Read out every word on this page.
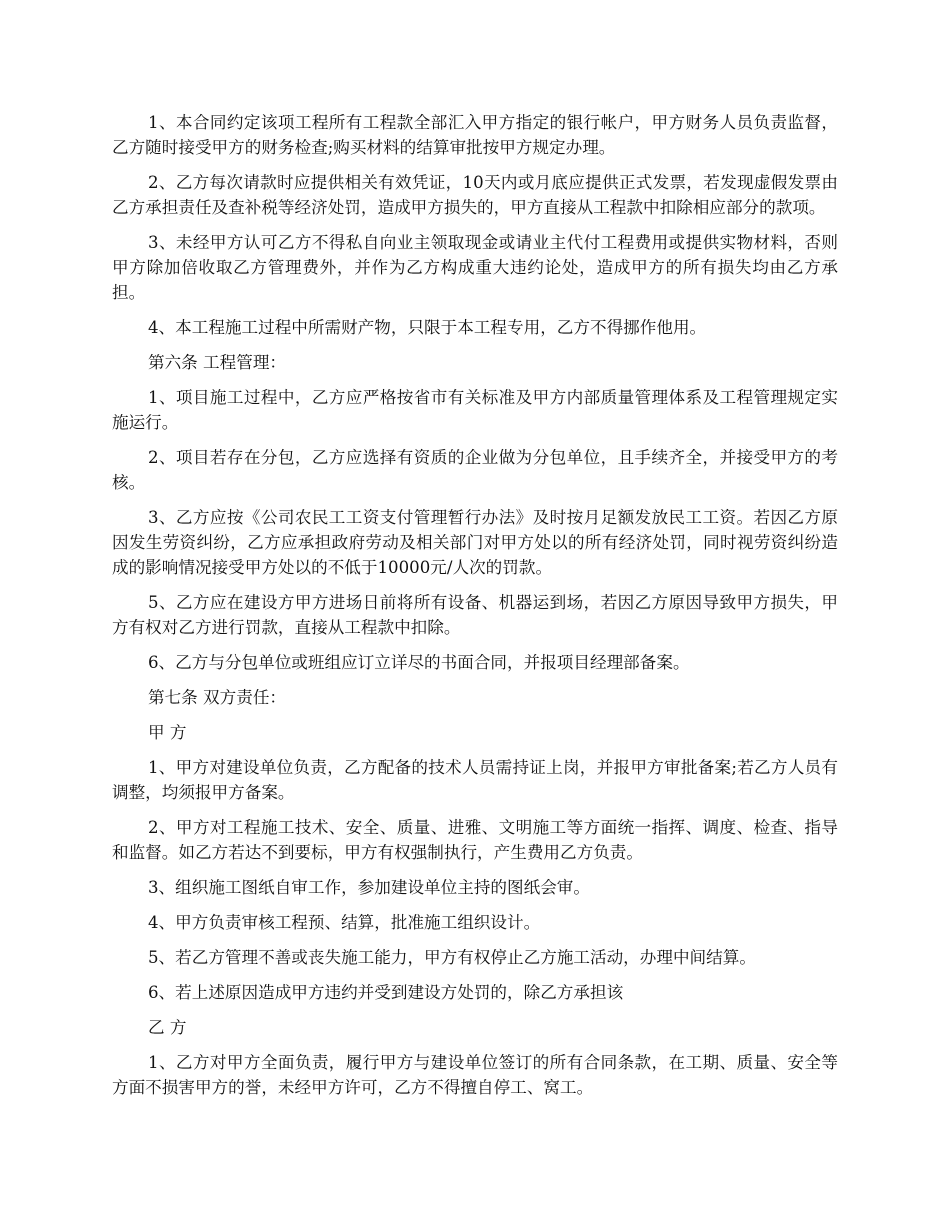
1、本合同约定该项工程所有工程款全部汇入甲方指定的银行帐户，甲方财务人员负责监督，乙方随时接受甲方的财务检查;购买材料的结算审批按甲方规定办理。

2、乙方每次请款时应提供相关有效凭证，10天内或月底应提供正式发票，若发现虚假发票由乙方承担责任及查补税等经济处罚，造成甲方损失的，甲方直接从工程款中扣除相应部分的款项。

3、未经甲方认可乙方不得私自向业主领取现金或请业主代付工程费用或提供实物材料，否则甲方除加倍收取乙方管理费外，并作为乙方构成重大违约论处，造成甲方的所有损失均由乙方承担。

4、本工程施工过程中所需财产物，只限于本工程专用，乙方不得挪作他用。

第六条 工程管理：

1、项目施工过程中，乙方应严格按省市有关标准及甲方内部质量管理体系及工程管理规定实施运行。

2、项目若存在分包，乙方应选择有资质的企业做为分包单位，且手续齐全，并接受甲方的考核。

3、乙方应按《公司农民工工资支付管理暂行办法》及时按月足额发放民工工资。若因乙方原因发生劳资纠纷，乙方应承担政府劳动及相关部门对甲方处以的所有经济处罚，同时视劳资纠纷造成的影响情况接受甲方处以的不低于10000元/人次的罚款。

5、乙方应在建设方甲方进场日前将所有设备、机器运到场，若因乙方原因导致甲方损失，甲方有权对乙方进行罚款，直接从工程款中扣除。

6、乙方与分包单位或班组应订立详尽的书面合同，并报项目经理部备案。

第七条 双方责任：

甲 方

1、甲方对建设单位负责，乙方配备的技术人员需持证上岗，并报甲方审批备案;若乙方人员有调整，均须报甲方备案。

2、甲方对工程施工技术、安全、质量、进雅、文明施工等方面统一指挥、调度、检查、指导和监督。如乙方若达不到要标，甲方有权强制执行，产生费用乙方负责。

3、组织施工图纸自审工作，参加建设单位主持的图纸会审。

4、甲方负责审核工程预、结算，批准施工组织设计。

5、若乙方管理不善或丧失施工能力，甲方有权停止乙方施工活动，办理中间结算。

6、若上述原因造成甲方违约并受到建设方处罚的，除乙方承担该

乙 方

1、乙方对甲方全面负责，履行甲方与建设单位签订的所有合同条款，在工期、质量、安全等方面不损害甲方的誉，未经甲方许可，乙方不得擅自停工、窝工。
